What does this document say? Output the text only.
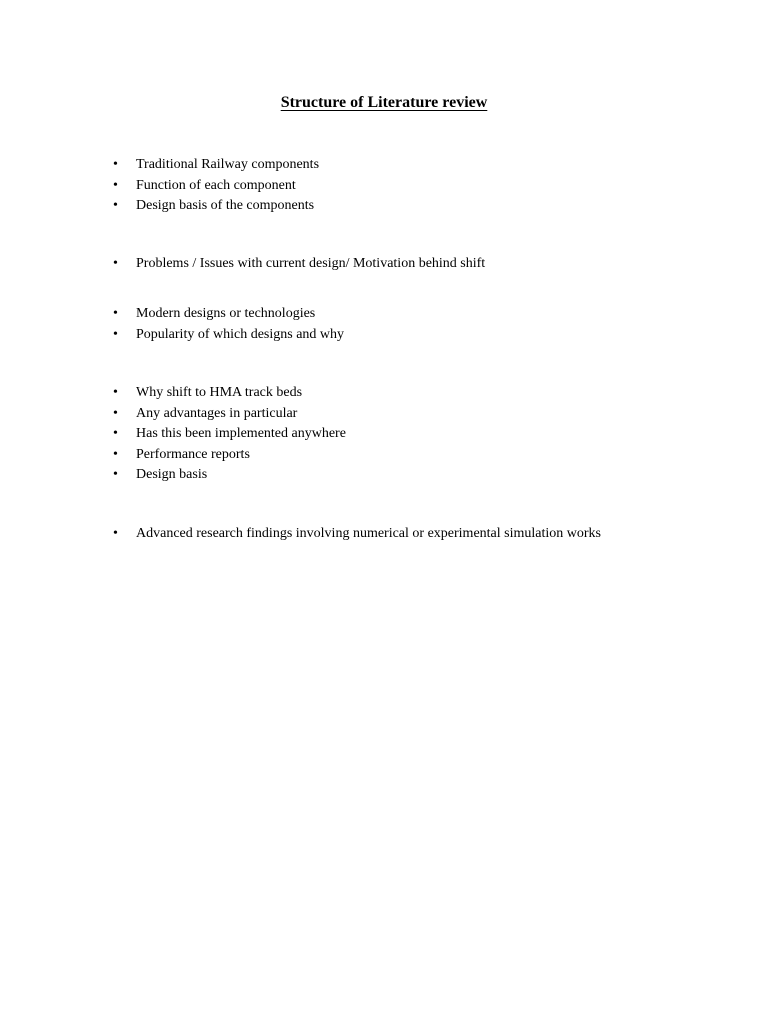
Structure of Literature review
• Traditional Railway components
• Function of each component
• Design basis of the components
• Problems / Issues with current design/ Motivation behind shift
• Modern designs or technologies
• Popularity of which designs and why
• Why shift to HMA track beds
• Any advantages in particular
• Has this been implemented anywhere
• Performance reports
• Design basis
• Advanced research findings involving numerical or experimental simulation works
